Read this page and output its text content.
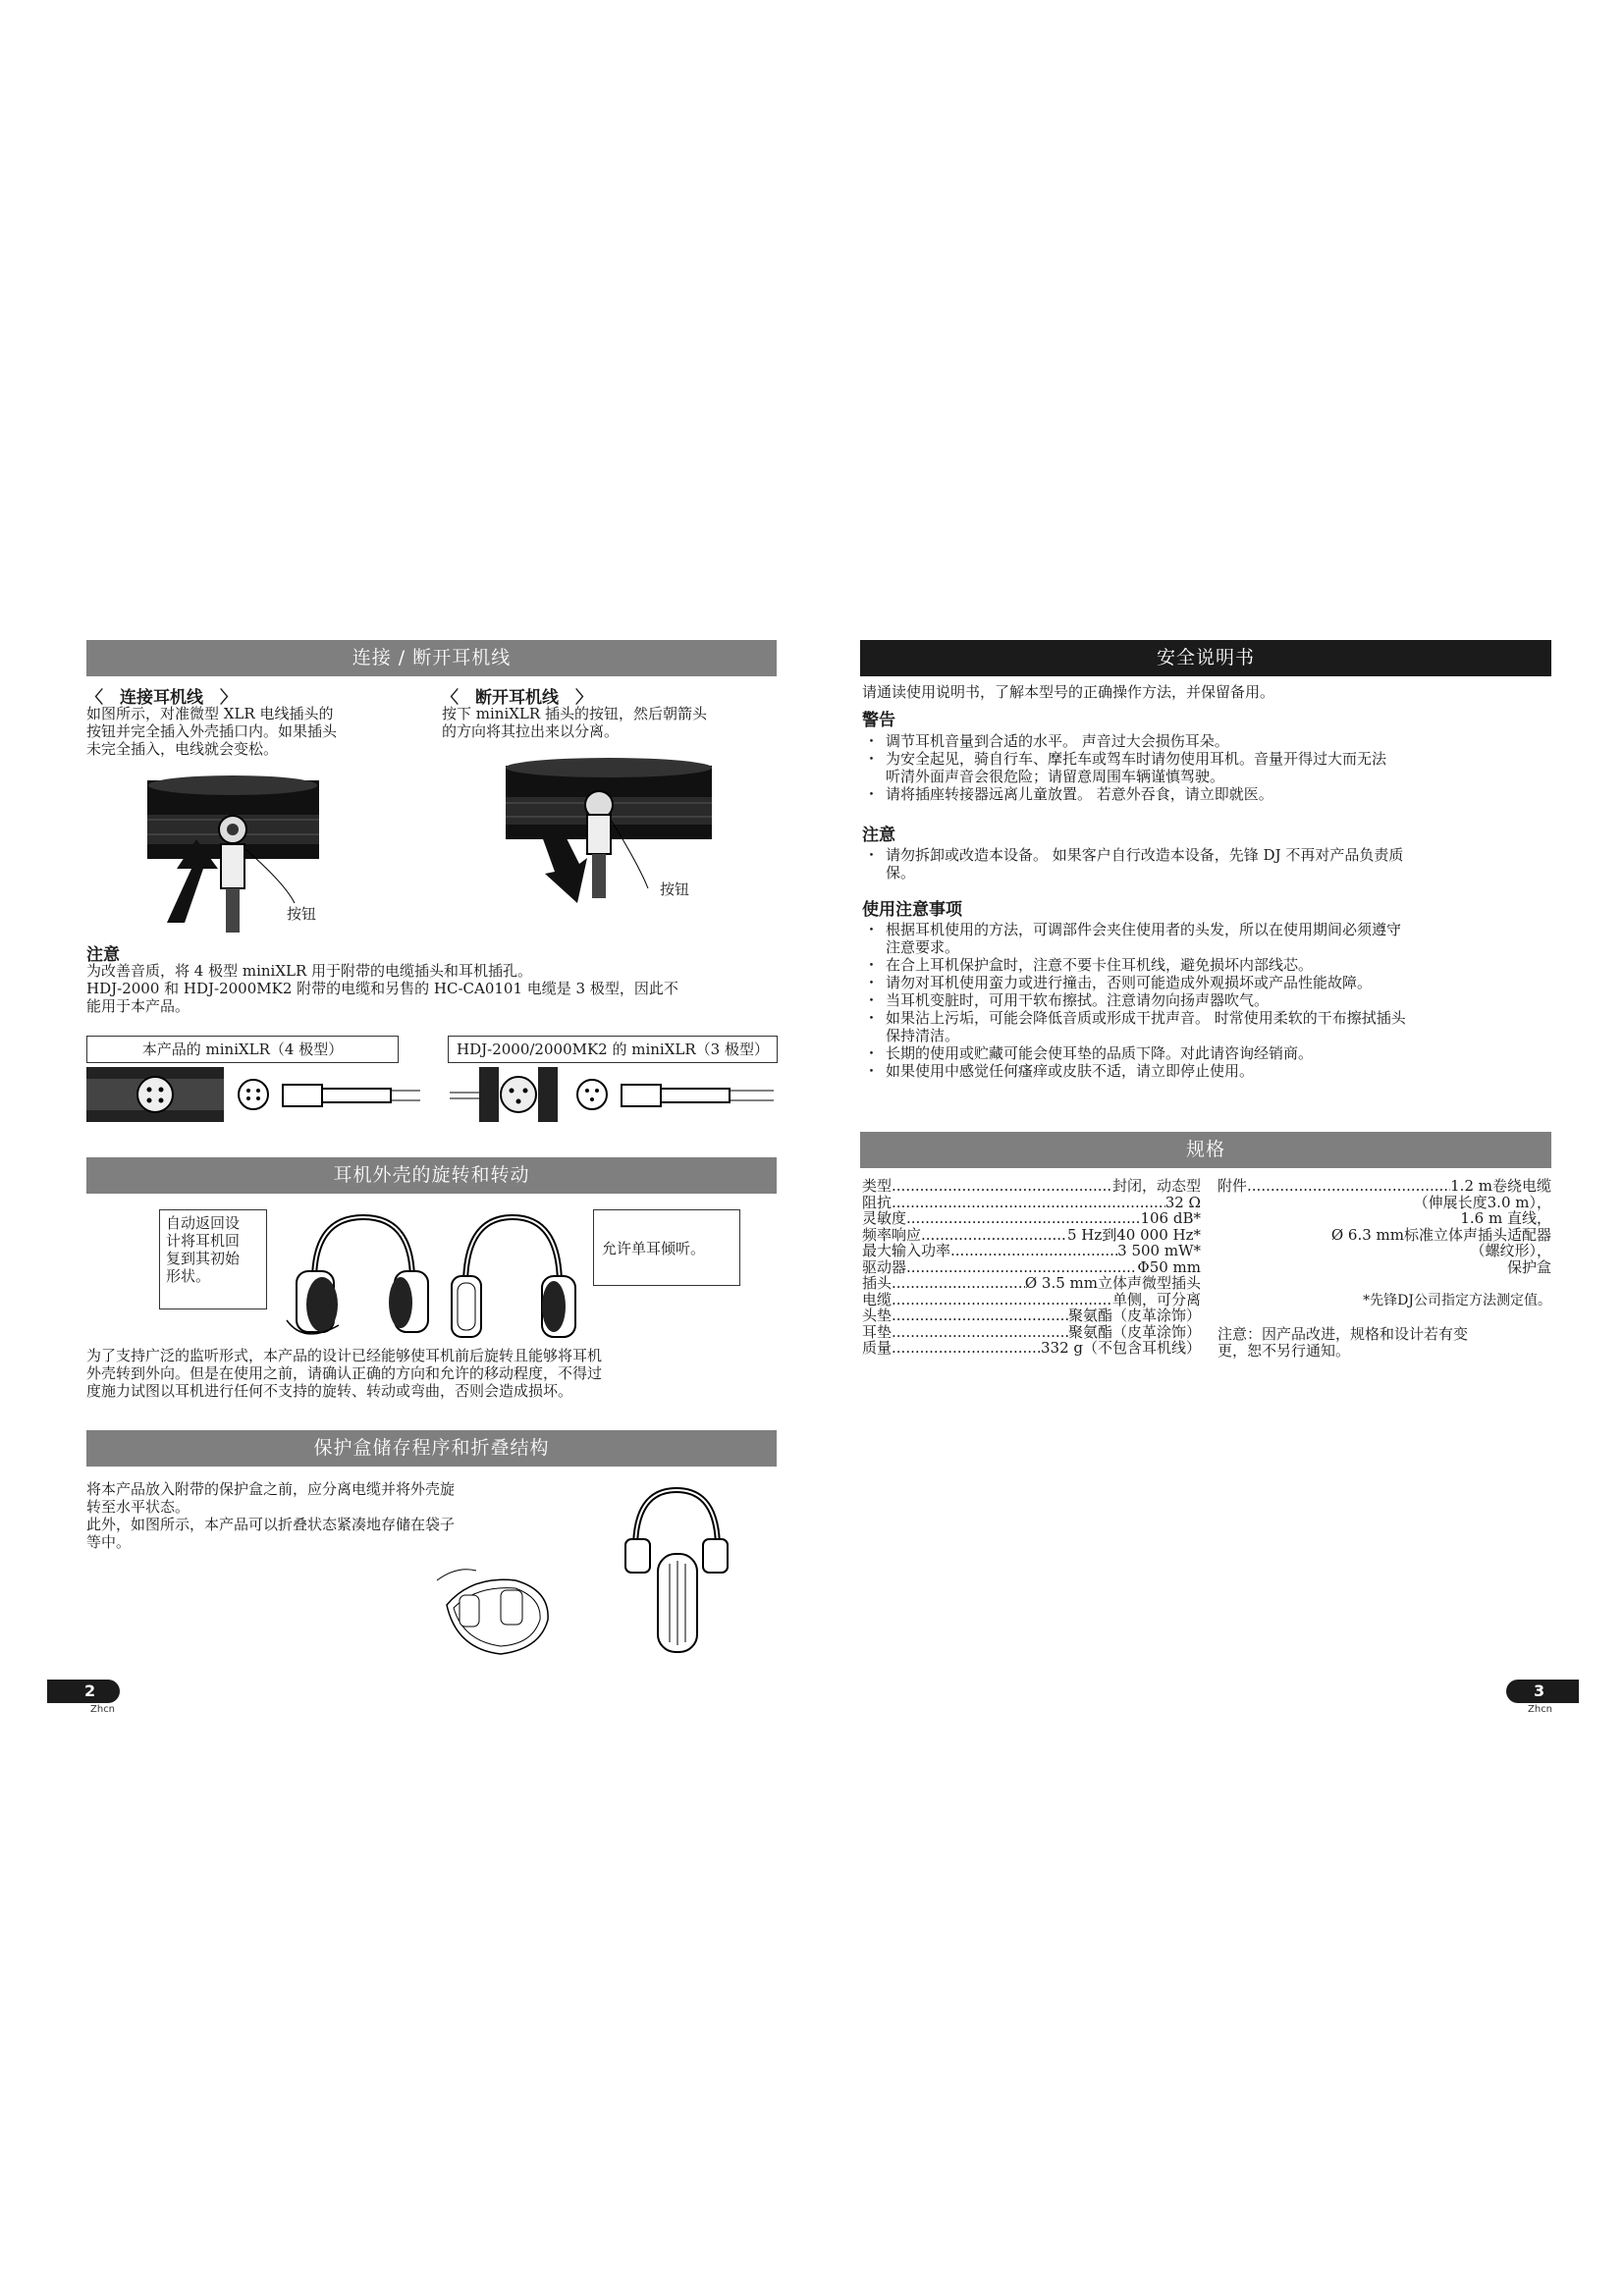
连接 / 断开耳机线
〈　连接耳机线　〉
如图所示，对准微型 XLR 电线插头的
按钮并完全插入外壳插口内。如果插头
未完全插入，电线就会变松。
〈　断开耳机线　〉
按下 miniXLR 插头的按钮，然后朝箭头
的方向将其拉出来以分离。
按钮
按钮
注意
为改善音质，将 4 极型 miniXLR 用于附带的电缆插头和耳机插孔。
HDJ-2000 和 HDJ-2000MK2 附带的电缆和另售的 HC-CA0101 电缆是 3 极型，因此不
能用于本产品。
本产品的 miniXLR（4 极型）	HDJ-2000/2000MK2 的 miniXLR（3 极型）
耳机外壳的旋转和转动
自动返回设
计将耳机回
复到其初始
形状。
允许单耳倾听。
为了支持广泛的监听形式，本产品的设计已经能够使耳机前后旋转且能够将耳机
外壳转到外向。但是在使用之前，请确认正确的方向和允许的移动程度，不得过
度施力试图以耳机进行任何不支持的旋转、转动或弯曲，否则会造成损坏。
保护盒储存程序和折叠结构
将本产品放入附带的保护盒之前，应分离电缆并将外壳旋
转至水平状态。
此外，如图所示，本产品可以折叠状态紧凑地存储在袋子
等中。
2
Zhcn
安全说明书
请通读使用说明书，了解本型号的正确操作方法，并保留备用。
警告
・ 调节耳机音量到合适的水平。 声音过大会损伤耳朵。
・ 为安全起见，骑自行车、摩托车或驾车时请勿使用耳机。音量开得过大而无法
听清外面声音会很危险；请留意周围车辆谨慎驾驶。
・ 请将插座转接器远离儿童放置。 若意外吞食，请立即就医。
注意
・ 请勿拆卸或改造本设备。 如果客户自行改造本设备，先锋 DJ 不再对产品负责质
保。
使用注意事项
・ 根据耳机使用的方法，可调部件会夹住使用者的头发，所以在使用期间必须遵守
注意要求。
・ 在合上耳机保护盒时，注意不要卡住耳机线，避免损坏内部线芯。
・ 请勿对耳机使用蛮力或进行撞击，否则可能造成外观损坏或产品性能故障。
・ 当耳机变脏时，可用干软布擦拭。注意请勿向扬声器吹气。
・ 如果沾上污垢，可能会降低音质或形成干扰声音。 时常使用柔软的干布擦拭插头
保持清洁。
・ 长期的使用或贮藏可能会使耳垫的品质下降。对此请咨询经销商。
・ 如果使用中感觉任何瘙痒或皮肤不适，请立即停止使用。
规格
类型 .....	封闭，动态型
阻抗 .....	32 Ω
灵敏度 .....	106 dB*
频率响应 .....	5 Hz到40 000 Hz*
最大输入功率 .....	3 500 mW*
驱动器 .....	Φ50 mm
插头 .....	Ø 3.5 mm立体声微型插头
电缆 .....	单侧，可分离
头垫 .....	聚氨酯（皮革涂饰）
耳垫 .....	聚氨酯（皮革涂饰）
质量 .....	332 g（不包含耳机线）
附件 .....	1.2 m卷绕电缆
（伸展长度3.0 m），
1.6 m 直线，
Ø 6.3 mm标准立体声插头适配器
（螺纹形），
保护盒
*先锋DJ公司指定方法测定值。
注意：因产品改进，规格和设计若有变
更，恕不另行通知。
3
Zhcn
